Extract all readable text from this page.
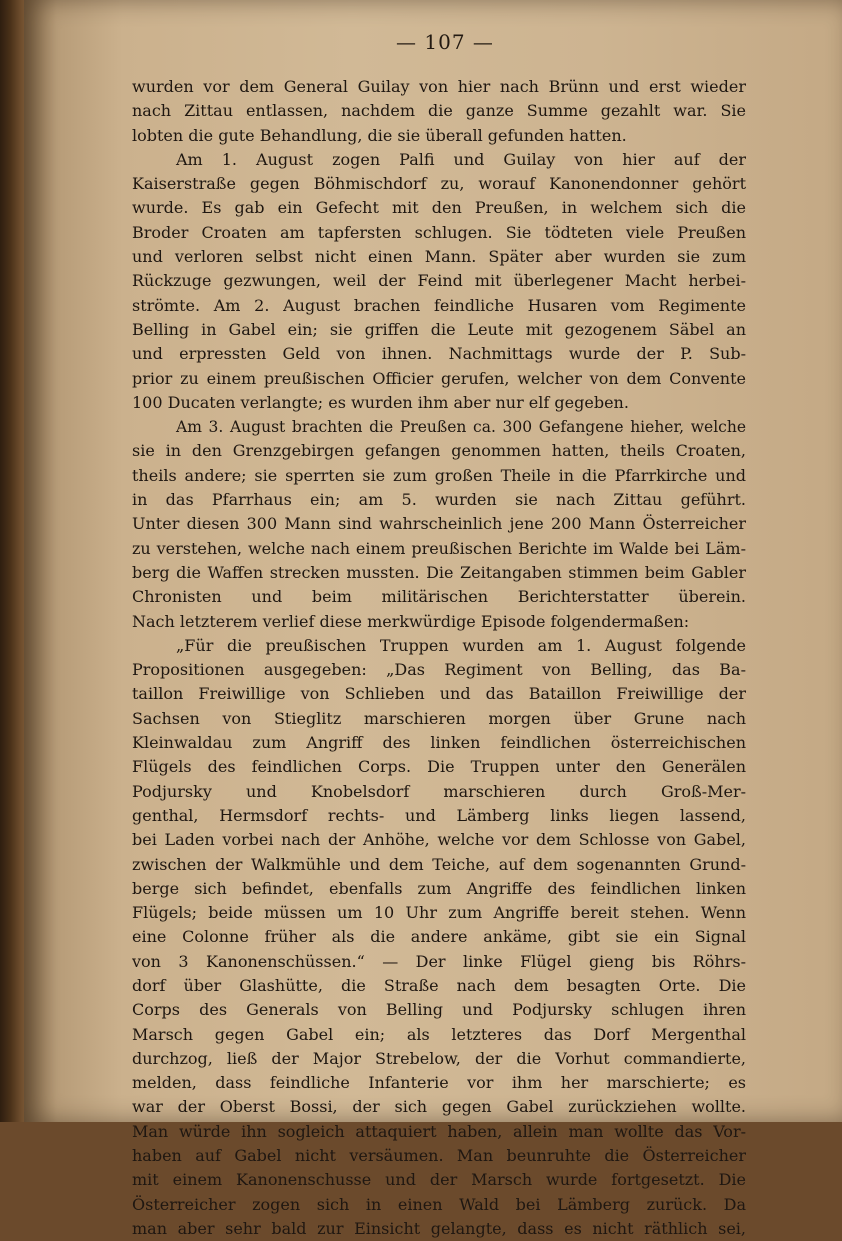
— 107 —
wurden vor dem General Guilay von hier nach Brünn und erst wieder
nach Zittau entlassen, nachdem die ganze Summe gezahlt war. Sie
lobten die gute Behandlung, die sie überall gefunden hatten.
Am 1. August zogen Palfi und Guilay von hier auf der
Kaiserstraße gegen Böhmischdorf zu, worauf Kanonendonner gehört
wurde. Es gab ein Gefecht mit den Preußen, in welchem sich die
Broder Croaten am tapfersten schlugen. Sie tödteten viele Preußen
und verloren selbst nicht einen Mann. Später aber wurden sie zum
Rückzuge gezwungen, weil der Feind mit überlegener Macht herbei-
strömte. Am 2. August brachen feindliche Husaren vom Regimente
Belling in Gabel ein; sie griffen die Leute mit gezogenem Säbel an
und erpressten Geld von ihnen. Nachmittags wurde der P. Sub-
prior zu einem preußischen Officier gerufen, welcher von dem Convente
100 Ducaten verlangte; es wurden ihm aber nur elf gegeben.
Am 3. August brachten die Preußen ca. 300 Gefangene hieher, welche
sie in den Grenzgebirgen gefangen genommen hatten, theils Croaten,
theils andere; sie sperrten sie zum großen Theile in die Pfarrkirche und
in das Pfarrhaus ein; am 5. wurden sie nach Zittau geführt.
Unter diesen 300 Mann sind wahrscheinlich jene 200 Mann Österreicher
zu verstehen, welche nach einem preußischen Berichte im Walde bei Läm-
berg die Waffen strecken mussten. Die Zeitangaben stimmen beim Gabler
Chronisten und beim militärischen Berichterstatter überein.
Nach letzterem verlief diese merkwürdige Episode folgendermaßen:
„Für die preußischen Truppen wurden am 1. August folgende
Propositionen ausgegeben: „Das Regiment von Belling, das Ba-
taillon Freiwillige von Schlieben und das Bataillon Freiwillige der
Sachsen von Stieglitz marschieren morgen über Grune nach
Kleinwaldau zum Angriff des linken feindlichen österreichischen
Flügels des feindlichen Corps. Die Truppen unter den Generälen
Podjursky und Knobelsdorf marschieren durch Groß-Mer-
genthal, Hermsdorf rechts- und Lämberg links liegen lassend,
bei Laden vorbei nach der Anhöhe, welche vor dem Schlosse von Gabel,
zwischen der Walkmühle und dem Teiche, auf dem sogenannten Grund-
berge sich befindet, ebenfalls zum Angriffe des feindlichen linken
Flügels; beide müssen um 10 Uhr zum Angriffe bereit stehen. Wenn
eine Colonne früher als die andere ankäme, gibt sie ein Signal
von 3 Kanonenschüssen.“ — Der linke Flügel gieng bis Röhrs-
dorf über Glashütte, die Straße nach dem besagten Orte. Die
Corps des Generals von Belling und Podjursky schlugen ihren
Marsch gegen Gabel ein; als letzteres das Dorf Mergenthal
durchzog, ließ der Major Strebelow, der die Vorhut commandierte,
melden, dass feindliche Infanterie vor ihm her marschierte; es
war der Oberst Bossi, der sich gegen Gabel zurückziehen wollte.
Man würde ihn sogleich attaquiert haben, allein man wollte das Vor-
haben auf Gabel nicht versäumen. Man beunruhte die Österreicher
mit einem Kanonenschusse und der Marsch wurde fortgesetzt. Die
Österreicher zogen sich in einen Wald bei Lämberg zurück. Da
man aber sehr bald zur Einsicht gelangte, dass es nicht räthlich sei,
